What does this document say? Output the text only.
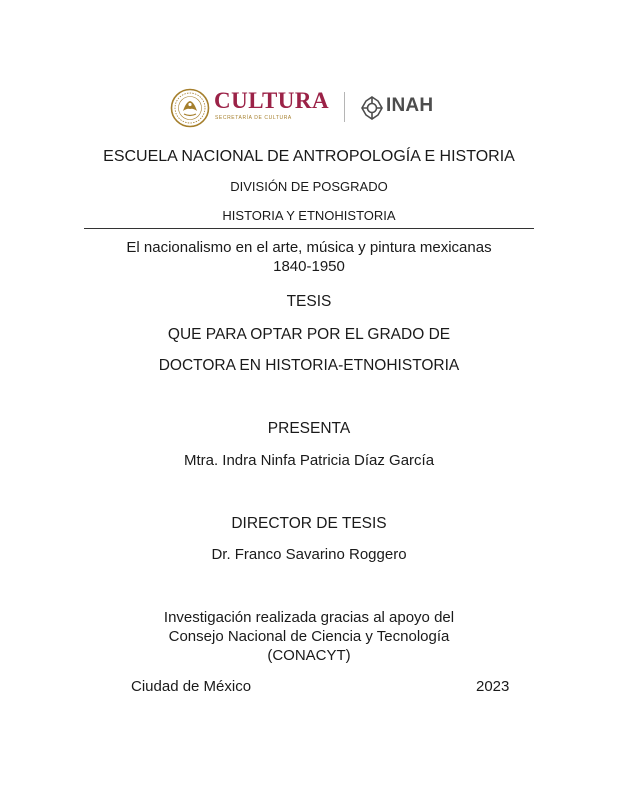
CULTURA
SECRETARÍA DE CULTURA
INAH
ESCUELA NACIONAL DE ANTROPOLOGÍA E HISTORIA
DIVISIÓN DE POSGRADO
HISTORIA Y ETNOHISTORIA
El nacionalismo en el arte, música y pintura mexicanas
1840-1950
TESIS
QUE PARA OPTAR POR EL GRADO DE
DOCTORA EN HISTORIA-ETNOHISTORIA
PRESENTA
Mtra. Indra Ninfa Patricia Díaz García
DIRECTOR DE TESIS
Dr. Franco Savarino Roggero
Investigación realizada gracias al apoyo del
Consejo Nacional de Ciencia y Tecnología
(CONACYT)
Ciudad de México	2023
